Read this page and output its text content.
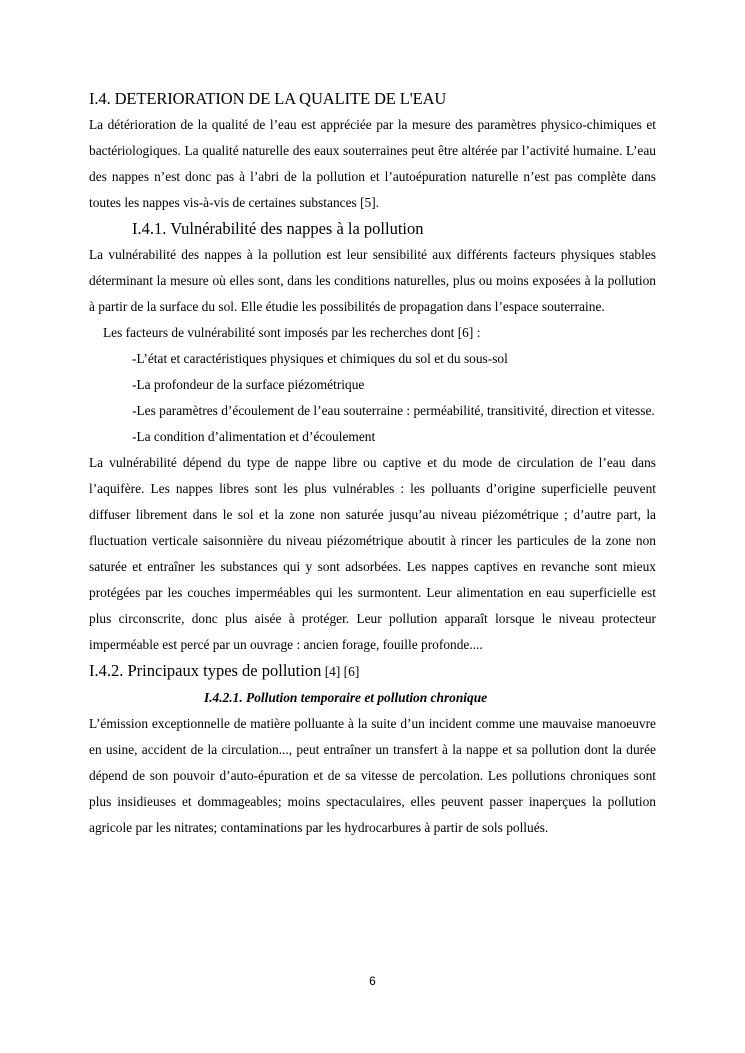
I.4. DETERIORATION DE LA QUALITE DE L'EAU

La détérioration de la qualité de l’eau est appréciée par la mesure des paramètres physico-chimiques et bactériologiques. La qualité naturelle des eaux souterraines peut être altérée par l’activité humaine. L’eau des nappes n’est donc pas à l’abri de la pollution et l’autoépuration naturelle n’est pas complète dans toutes les nappes vis-à-vis de certaines substances [5].

I.4.1. Vulnérabilité des nappes à la pollution

La vulnérabilité des nappes à la pollution est leur sensibilité aux différents facteurs physiques stables déterminant la mesure où elles sont, dans les conditions naturelles, plus ou moins exposées à la pollution à partir de la surface du sol. Elle étudie les possibilités de propagation dans l’espace souterraine.

Les facteurs de vulnérabilité sont imposés par les recherches dont [6] :

-L’état et caractéristiques physiques et chimiques du sol et du sous-sol

-La profondeur de la surface piézométrique

-Les paramètres d’écoulement de l’eau souterraine : perméabilité, transitivité, direction et vitesse.

-La condition d’alimentation et d’écoulement

La vulnérabilité dépend du type de nappe libre ou captive et du mode de circulation de l’eau dans l’aquifère. Les nappes libres sont les plus vulnérables : les polluants d’origine superficielle peuvent diffuser librement dans le sol et la zone non saturée jusqu’au niveau piézométrique ; d’autre part, la fluctuation verticale saisonnière du niveau piézométrique aboutit à rincer les particules de la zone non saturée et entraîner les substances qui y sont adsorbées. Les nappes captives en revanche sont mieux protégées par les couches imperméables qui les surmontent. Leur alimentation en eau superficielle est plus circonscrite, donc plus aisée à protéger. Leur pollution apparaît lorsque le niveau protecteur imperméable est percé par un ouvrage : ancien forage, fouille profonde....

I.4.2. Principaux types de pollution [4] [6]
I.4.2.1. Pollution temporaire et pollution chronique

L’émission exceptionnelle de matière polluante à la suite d’un incident comme une mauvaise manoeuvre en usine, accident de la circulation..., peut entraîner un transfert à la nappe et sa pollution dont la durée dépend de son pouvoir d’auto-épuration et de sa vitesse de percolation. Les pollutions chroniques sont plus insidieuses et dommageables; moins spectaculaires, elles peuvent passer inaperçues la pollution agricole par les nitrates; contaminations par les hydrocarbures à partir de sols pollués.

6
